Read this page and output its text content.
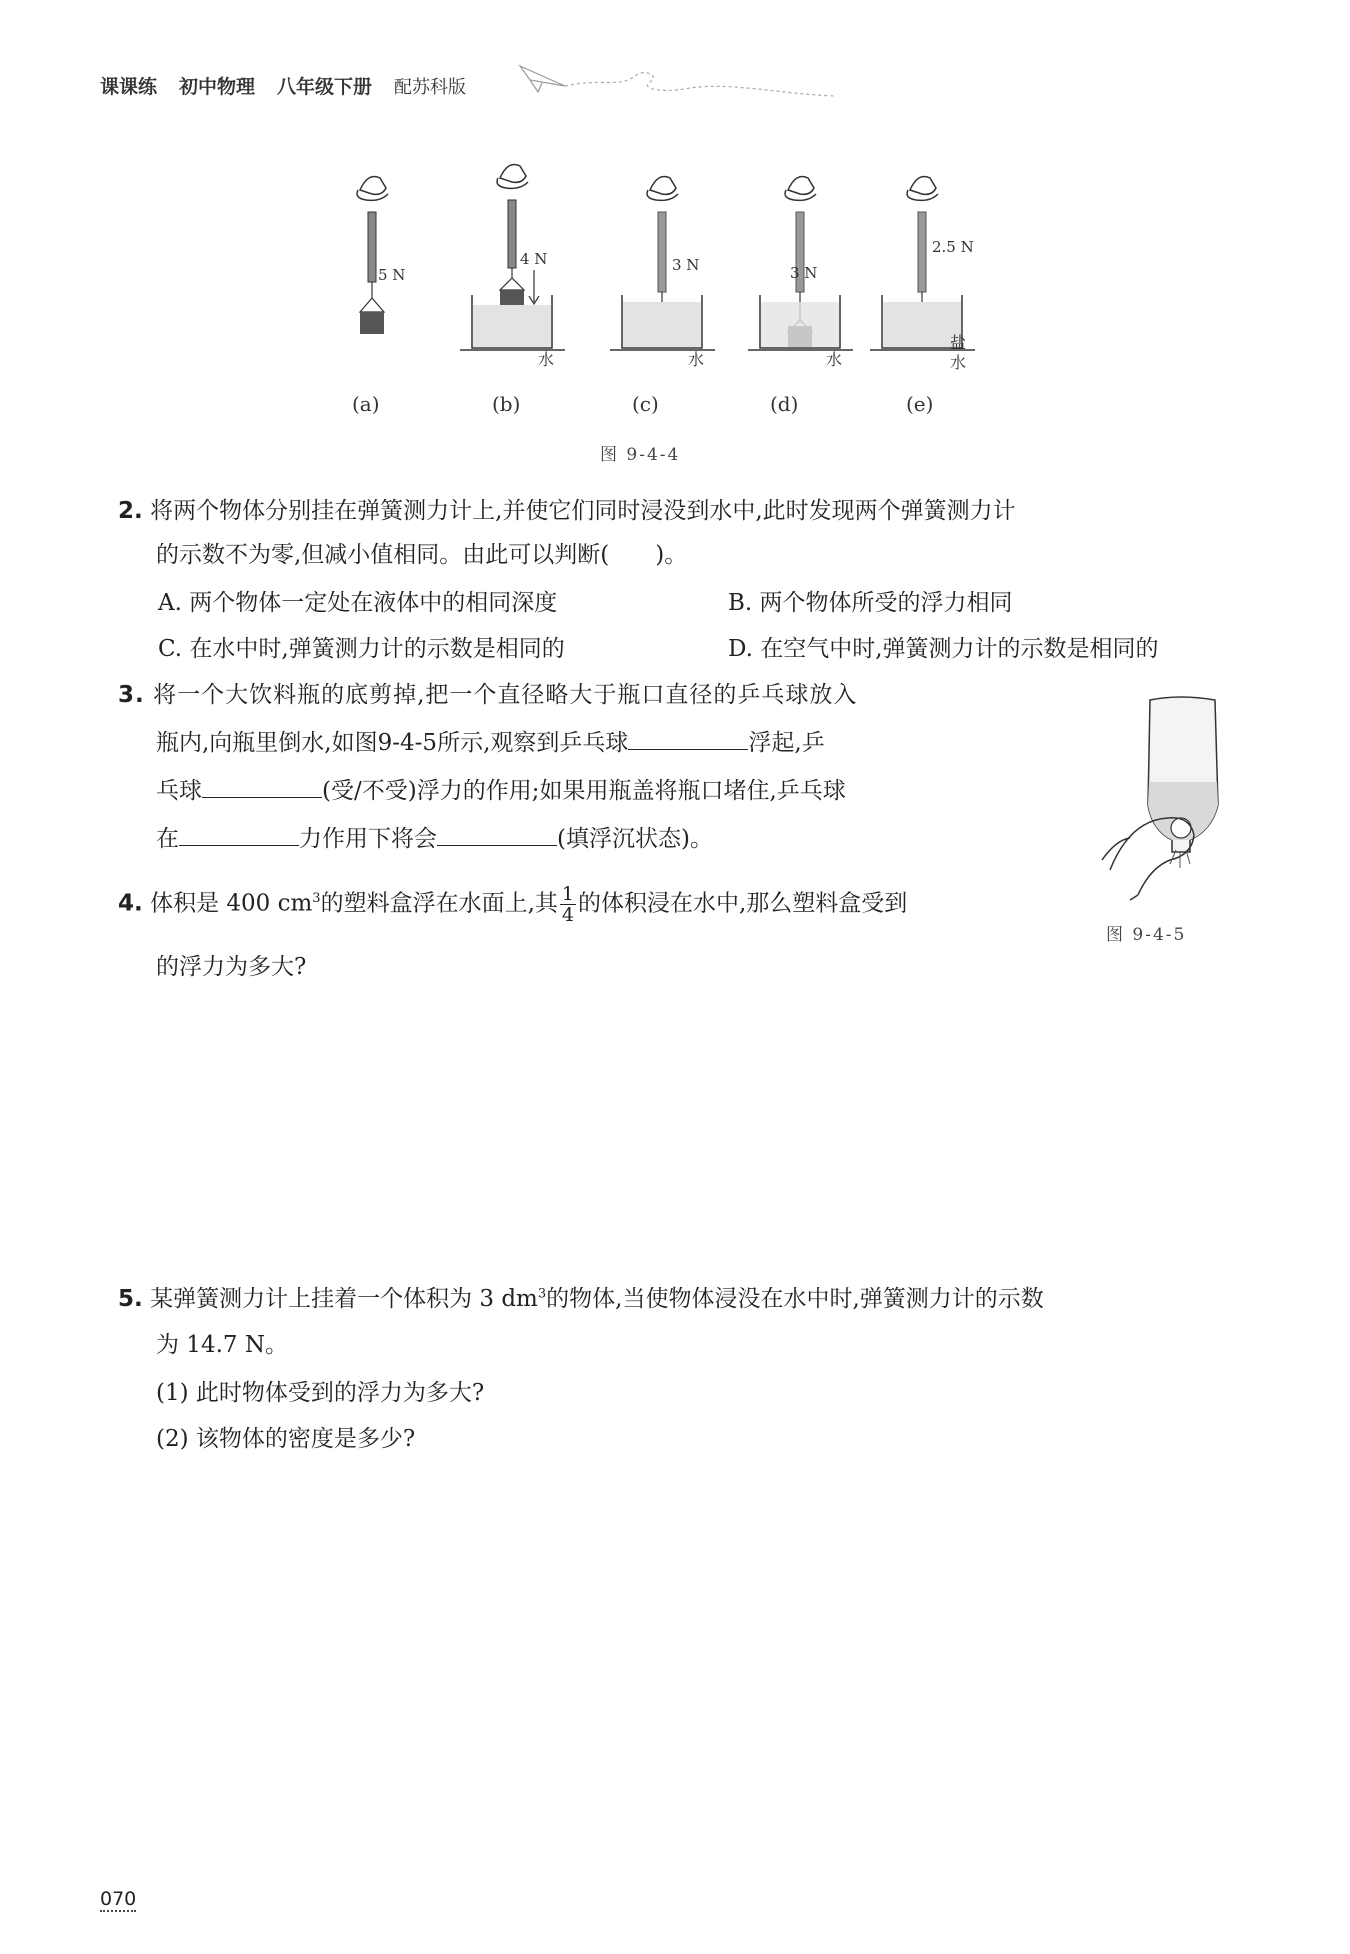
课课练 初中物理 八年级下册 配苏科版
5 N
4 N	3 N	3 N
2.5 N
水	水	水
盐
水
(a)	(b)	(c)	(d)	(e)
图 9-4-4
2. 将两个物体分别挂在弹簧测力计上,并使它们同时浸没到水中,此时发现两个弹簧测力计
的示数不为零,但减小值相同。由此可以判断(　　)。
A. 两个物体一定处在液体中的相同深度	B. 两个物体所受的浮力相同
C. 在水中时,弹簧测力计的示数是相同的	D. 在空气中时,弹簧测力计的示数是相同的
3. 将一个大饮料瓶的底剪掉,把一个直径略大于瓶口直径的乒乓球放入
瓶内,向瓶里倒水,如图9-4-5所示,观察到乒乓球	浮起,乒
乓球	(受/不受)浮力的作用;如果用瓶盖将瓶口堵住,乒乓球
在	力作用下将会	(填浮沉状态)。
图 9-4-5
4. 体积是 400 $cm^3$的塑料盒浮在水面上,其 $\frac{1}{4}$ 的体积浸在水中,那么塑料盒受到
的浮力为多大?
5. 某弹簧测力计上挂着一个体积为 3 $dm^3$的物体,当使物体浸没在水中时,弹簧测力计的示数
为 14.7 N。
(1) 此时物体受到的浮力为多大?
(2) 该物体的密度是多少?
070
